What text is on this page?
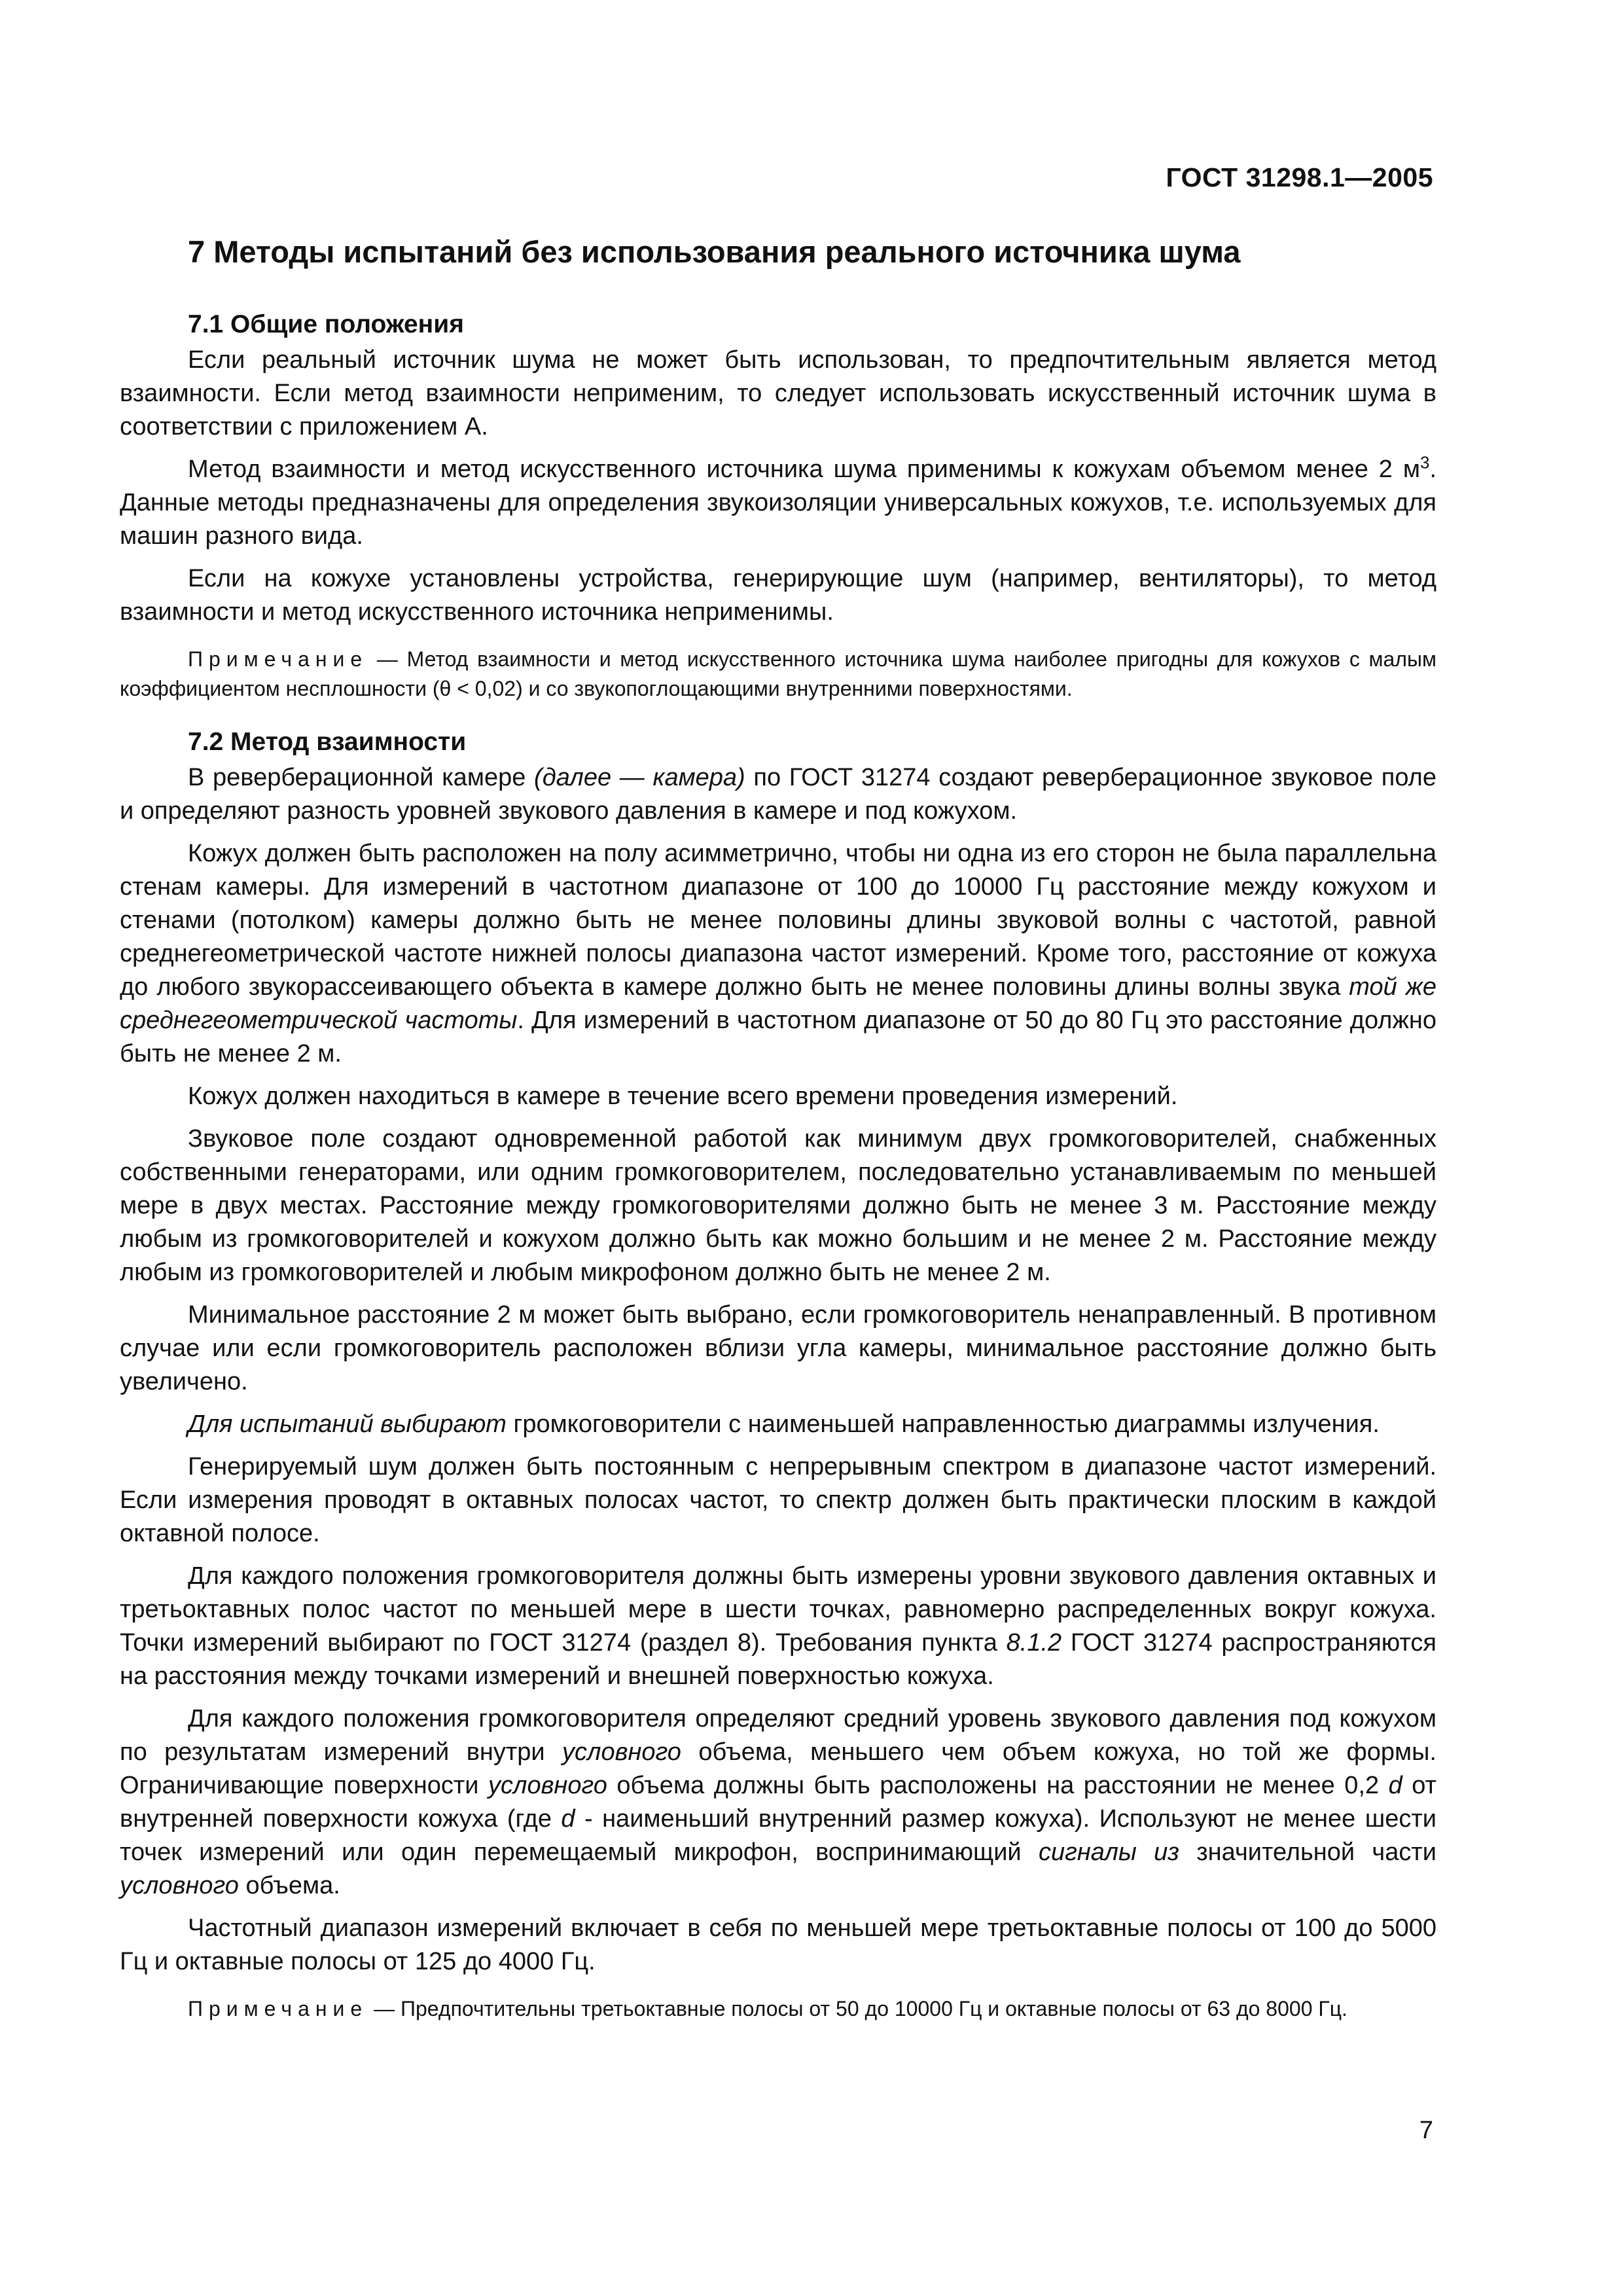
ГОСТ 31298.1—2005
7 Методы испытаний без использования реального источника шума
7.1 Общие положения

Если реальный источник шума не может быть использован, то предпочтительным является метод взаимности. Если метод взаимности неприменим, то следует использовать искусственный источник шума в соответствии с приложением А.

Метод взаимности и метод искусственного источника шума применимы к кожухам объемом менее 2 $м^3$. Данные методы предназначены для определения звукоизоляции универсальных кожухов, т.е. используемых для машин разного вида.

Если на кожухе установлены устройства, генерирующие шум (например, вентиляторы), то метод взаимности и метод искусственного источника неприменимы.

Примечание — Метод взаимности и метод искусственного источника шума наиболее пригодны для кожухов с малым коэффициентом несплошности (θ < 0,02) и со звукопоглощающими внутренними поверхностями.

7.2 Метод взаимности

В реверберационной камере (далее — камера) по ГОСТ 31274 создают реверберационное звуковое поле и определяют разность уровней звукового давления в камере и под кожухом.

Кожух должен быть расположен на полу асимметрично, чтобы ни одна из его сторон не была параллельна стенам камеры. Для измерений в частотном диапазоне от 100 до 10000 Гц расстояние между кожухом и стенами (потолком) камеры должно быть не менее половины длины звуковой волны с частотой, равной среднегеометрической частоте нижней полосы диапазона частот измерений. Кроме того, расстояние от кожуха до любого звукорассеивающего объекта в камере должно быть не менее половины длины волны звука той же среднегеометрической частоты. Для измерений в частотном диапазоне от 50 до 80 Гц это расстояние должно быть не менее 2 м.

Кожух должен находиться в камере в течение всего времени проведения измерений.

Звуковое поле создают одновременной работой как минимум двух громкоговорителей, снабженных собственными генераторами, или одним громкоговорителем, последовательно устанавливаемым по меньшей мере в двух местах. Расстояние между громкоговорителями должно быть не менее 3 м. Расстояние между любым из громкоговорителей и кожухом должно быть как можно большим и не менее 2 м. Расстояние между любым из громкоговорителей и любым микрофоном должно быть не менее 2 м.

Минимальное расстояние 2 м может быть выбрано, если громкоговоритель ненаправленный. В противном случае или если громкоговоритель расположен вблизи угла камеры, минимальное расстояние должно быть увеличено.

Для испытаний выбирают громкоговорители с наименьшей направленностью диаграммы излучения.

Генерируемый шум должен быть постоянным с непрерывным спектром в диапазоне частот измерений. Если измерения проводят в октавных полосах частот, то спектр должен быть практически плоским в каждой октавной полосе.

Для каждого положения громкоговорителя должны быть измерены уровни звукового давления октавных и третьоктавных полос частот по меньшей мере в шести точках, равномерно распределенных вокруг кожуха. Точки измерений выбирают по ГОСТ 31274 (раздел 8). Требования пункта 8.1.2 ГОСТ 31274 распространяются на расстояния между точками измерений и внешней поверхностью кожуха.

Для каждого положения громкоговорителя определяют средний уровень звукового давления под кожухом по результатам измерений внутри условного объема, меньшего чем объем кожуха, но той же формы. Ограничивающие поверхности условного объема должны быть расположены на расстоянии не менее 0,2 d от внутренней поверхности кожуха (где d - наименьший внутренний размер кожуха). Используют не менее шести точек измерений или один перемещаемый микрофон, воспринимающий сигналы из значительной части условного объема.

Частотный диапазон измерений включает в себя по меньшей мере третьоктавные полосы от 100 до 5000 Гц и октавные полосы от 125 до 4000 Гц.

Примечание — Предпочтительны третьоктавные полосы от 50 до 10000 Гц и октавные полосы от 63 до 8000 Гц.

7
